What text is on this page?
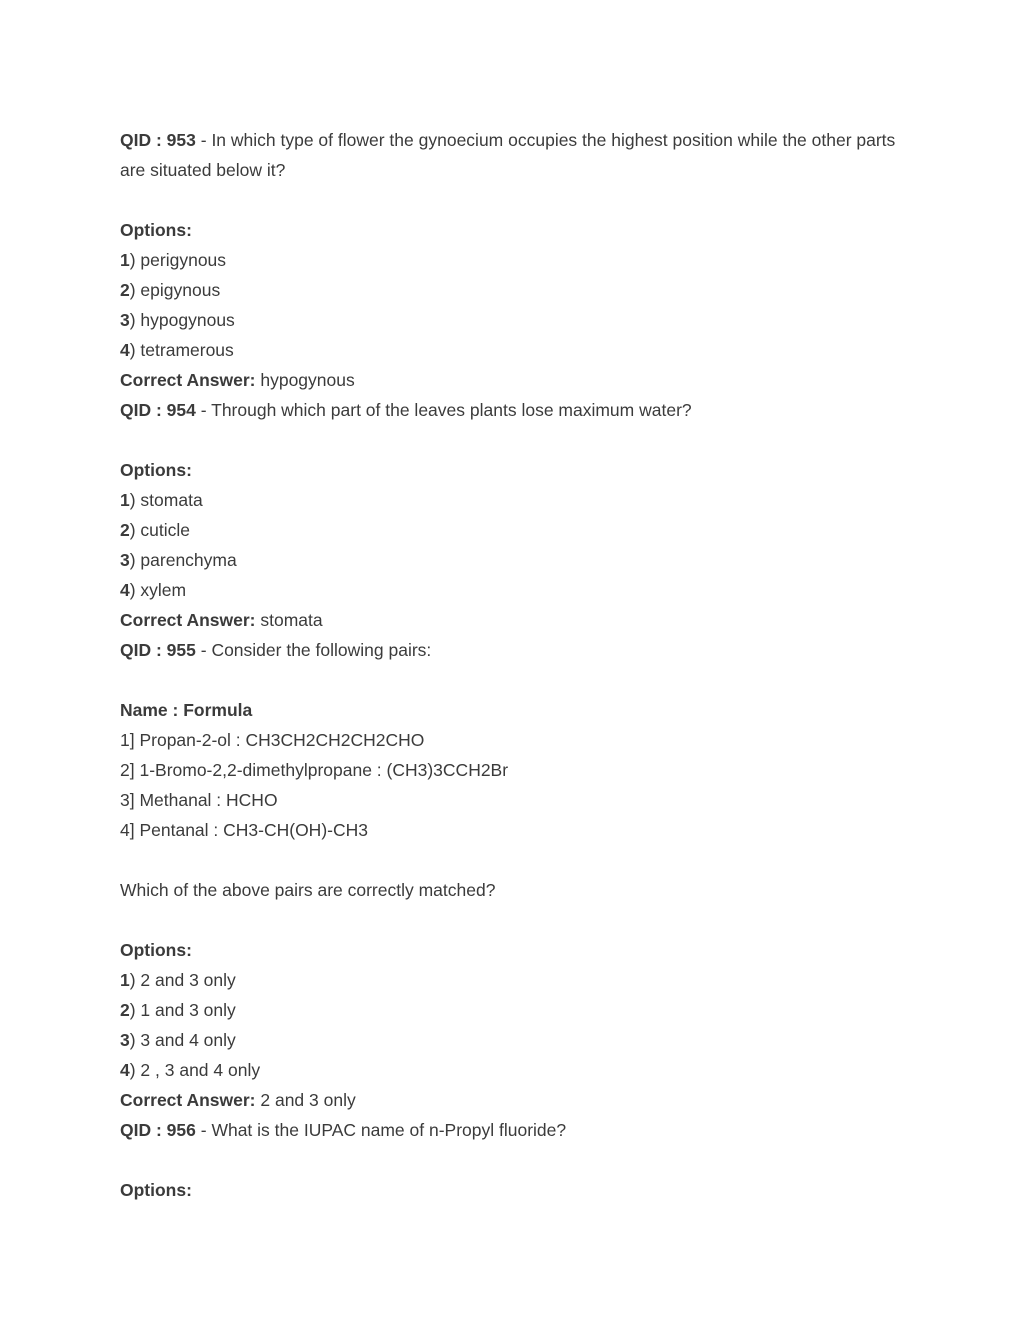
QID : 953 - In which type of flower the gynoecium occupies the highest position while the other parts are situated below it?
Options:
1) perigynous
2) epigynous
3) hypogynous
4) tetramerous
Correct Answer: hypogynous
QID : 954 - Through which part of the leaves plants lose maximum water?
Options:
1) stomata
2) cuticle
3) parenchyma
4) xylem
Correct Answer: stomata
QID : 955 - Consider the following pairs:
Name : Formula
1] Propan-2-ol : CH3CH2CH2CH2CHO
2] 1-Bromo-2,2-dimethylpropane : (CH3)3CCH2Br
3] Methanal : HCHO
4] Pentanal : CH3-CH(OH)-CH3
Which of the above pairs are correctly matched?
Options:
1) 2 and 3 only
2) 1 and 3 only
3) 3 and 4 only
4) 2 , 3 and 4 only
Correct Answer: 2 and 3 only
QID : 956 - What is the IUPAC name of n-Propyl fluoride?
Options:
